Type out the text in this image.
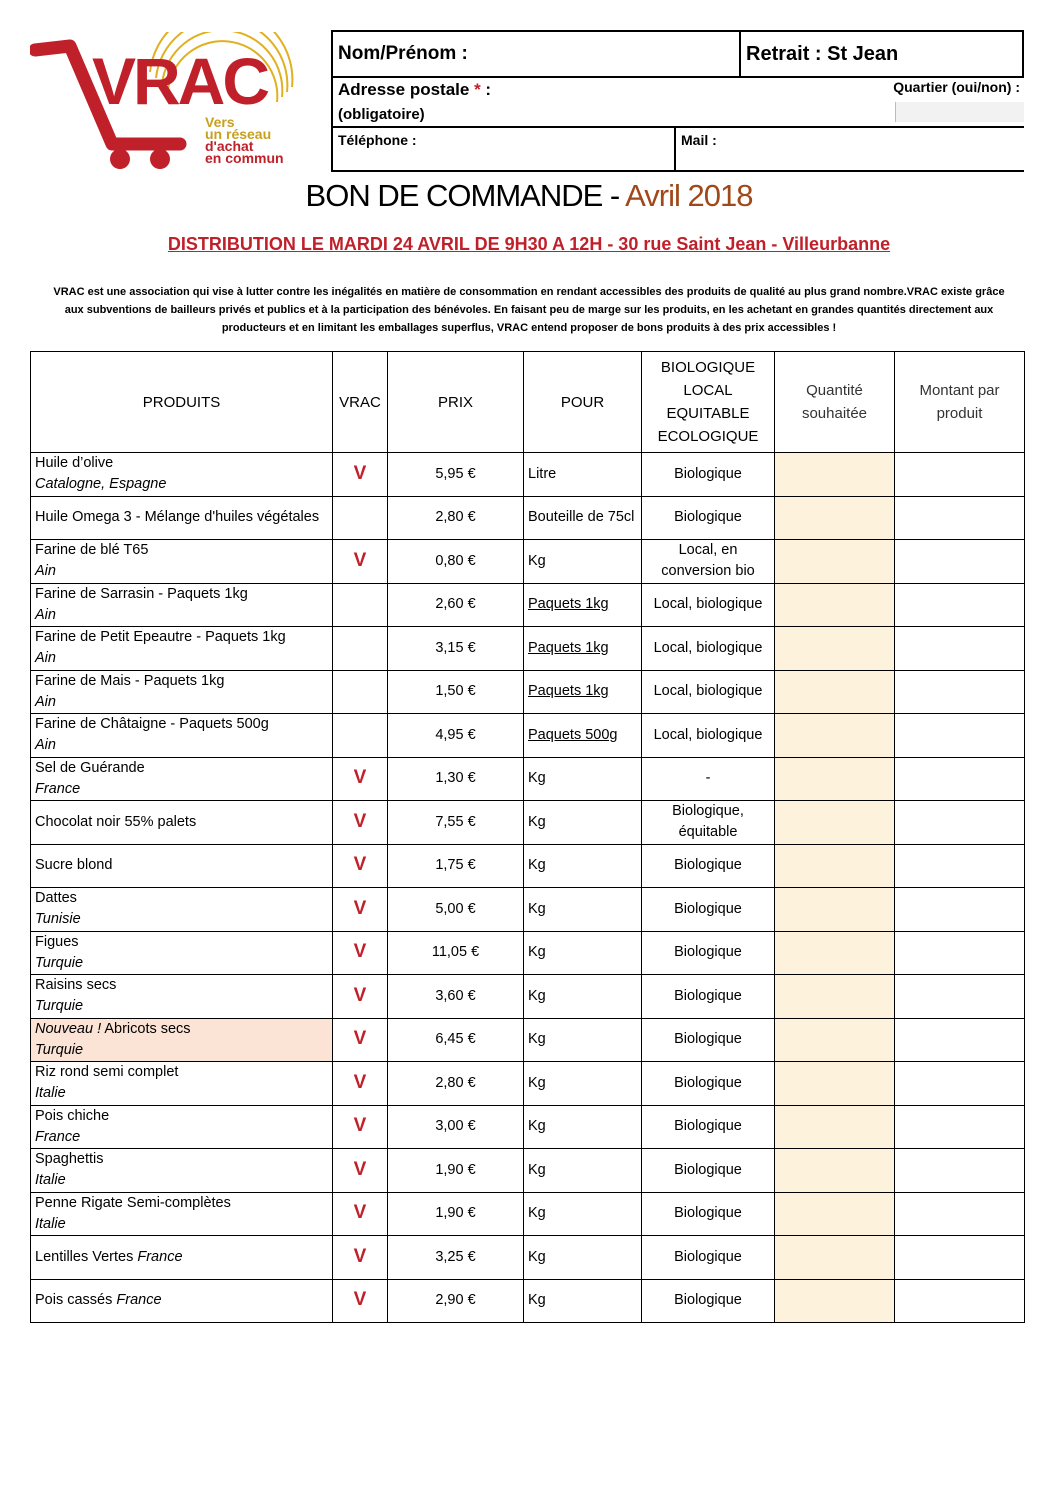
VRAC
Vers
un réseau
d'achat
en commun
Nom/Prénom :	Retrait : St Jean
Adresse postale * :
(obligatoire)
Quartier (oui/non) :
Téléphone :	Mail :
BON DE COMMANDE - Avril 2018
DISTRIBUTION LE MARDI 24 AVRIL DE 9H30 A 12H - 30 rue Saint Jean - Villeurbanne
VRAC est une association qui vise à lutter contre les inégalités en matière de consommation en rendant accessibles des produits de qualité au plus grand nombre.VRAC existe grâce
aux subventions de bailleurs privés et publics et à la participation des bénévoles. En faisant peu de marge sur les produits, en les achetant en grandes quantités directement aux
producteurs et en limitant les emballages superflus, VRAC entend proposer de bons produits à des prix accessibles !
PRODUITS	VRAC	PRIX	POUR	BIOLOGIQUE
LOCAL
EQUITABLE
ECOLOGIQUE	Quantité souhaitée	Montant par produit
Huile d’olive
Catalogne, Espagne	V	5,95 €	Litre	Biologique		
Huile Omega 3 - Mélange d'huiles végétales		2,80 €	Bouteille de 75cl	Biologique		
Farine de blé T65
Ain	V	0,80 €	Kg	Local, en conversion bio		
Farine de Sarrasin - Paquets 1kg
Ain		2,60 €	Paquets 1kg	Local, biologique		
Farine de Petit Epeautre - Paquets 1kg
Ain		3,15 €	Paquets 1kg	Local, biologique		
Farine de Mais - Paquets 1kg
Ain		1,50 €	Paquets 1kg	Local, biologique		
Farine de Châtaigne - Paquets 500g
Ain		4,95 €	Paquets 500g	Local, biologique		
Sel de Guérande
France	V	1,30 €	Kg	-		
Chocolat noir 55% palets	V	7,55 €	Kg	Biologique, équitable		
Sucre blond	V	1,75 €	Kg	Biologique		
Dattes
Tunisie	V	5,00 €	Kg	Biologique		
Figues
Turquie	V	11,05 €	Kg	Biologique		
Raisins secs
Turquie	V	3,60 €	Kg	Biologique		
Nouveau ! Abricots secs
Turquie	V	6,45 €	Kg	Biologique		
Riz rond semi complet
Italie	V	2,80 €	Kg	Biologique		
Pois chiche
France	V	3,00 €	Kg	Biologique		
Spaghettis
Italie	V	1,90 €	Kg	Biologique		
Penne Rigate Semi-complètes
Italie	V	1,90 €	Kg	Biologique		
Lentilles Vertes France	V	3,25 €	Kg	Biologique		
Pois cassés France	V	2,90 €	Kg	Biologique		
